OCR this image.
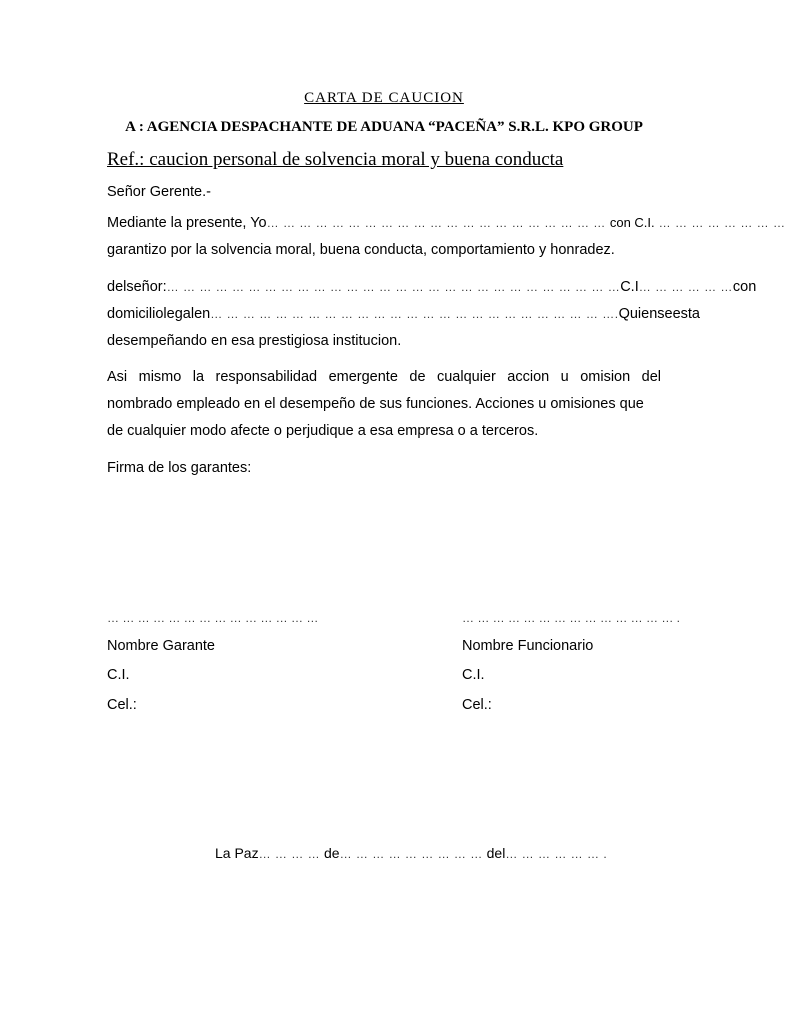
CARTA DE CAUCION
A : AGENCIA DESPACHANTE DE ADUANA “PACEÑA” S.R.L. KPO GROUP
Ref.: caucion personal de solvencia moral y buena conducta
Señor Gerente.-
Mediante la presente, Yo… … … … … … … … … … … … … … … … … … … … … con C.I. … … … … … … … …
garantizo por la solvencia moral, buena conducta, comportamiento y honradez.
del señor:… … … … … … … … … … … … … … … … … … … … … … … … … … … … C.I… … … … … … con
domicilio legal en … … … … … … … … … … … … … … … … … … … … … … … … ….Quien se esta
desempeñando en esa prestigiosa institucion.
Asi mismo la responsabilidad emergente de cualquier accion u omision del
nombrado empleado en el desempeño de sus funciones. Acciones u omisiones que
de cualquier modo afecte o perjudique a esa empresa o a terceros.
Firma de los garantes:
… … … … … … … … … … … … … …
Nombre Garante
C.I.
Cel.:
… … … … … … … … … … … … … … .
Nombre Funcionario
C.I.
Cel.:
La Paz… … … … de… … … … … … … … … del… … … … … … .
